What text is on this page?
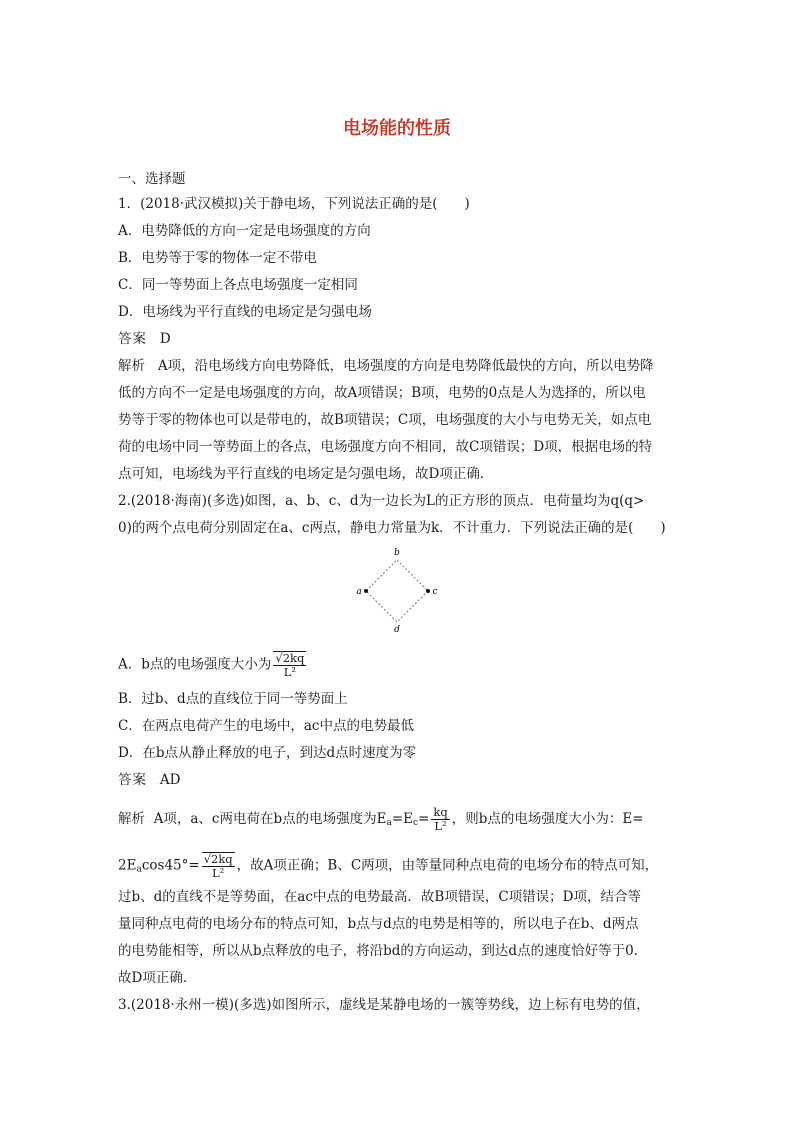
电场能的性质
一、选择题
1．(2018·武汉模拟)关于静电场，下列说法正确的是(　　)
A．电势降低的方向一定是电场强度的方向
B．电势等于零的物体一定不带电
C．同一等势面上各点电场强度一定相同
D．电场线为平行直线的电场定是匀强电场
答案 D
解析 A项，沿电场线方向电势降低，电场强度的方向是电势降低最快的方向，所以电势降
低的方向不一定是电场强度的方向，故A项错误；B项，电势的0点是人为选择的，所以电
势等于零的物体也可以是带电的，故B项错误；C项，电场强度的大小与电势无关，如点电
荷的电场中同一等势面上的各点，电场强度方向不相同，故C项错误；D项，根据电场的特
点可知，电场线为平行直线的电场定是匀强电场，故D项正确．
2.(2018·海南)(多选)如图，a、b、c、d为一边长为L的正方形的顶点．电荷量均为q(q>
0)的两个点电荷分别固定在a、c两点，静电力常量为k．不计重力．下列说法正确的是(　　)
b
a	c
d
A．b点的电场强度大小为 $\frac{√2kq}{\text{L²}}$
B．过b、d点的直线位于同一等势面上
C．在两点电荷产生的电场中，ac中点的电势最低
D．在b点从静止释放的电子，到达d点时速度为零
答案 AD
解析 A项，a、c两电荷在b点的电场强度为$E_a=E_c= \frac{kq}{\text{L²}}$ ，则b点的电场强度大小为：E=
$2E_a\cos 45^\circ= \frac{√2kq}{\text{L²}}$ ，故A项正确；B、C两项，由等量同种点电荷的电场分布的特点可知，
过b、d的直线不是等势面，在ac中点的电势最高．故B项错误，C项错误；D项，结合等
量同种点电荷的电场分布的特点可知，b点与d点的电势是相等的，所以电子在b、d两点
的电势能相等，所以从b点释放的电子，将沿bd的方向运动，到达d点的速度恰好等于0.
故D项正确．
3.(2018·永州一模)(多选)如图所示，虚线是某静电场的一簇等势线，边上标有电势的值，
